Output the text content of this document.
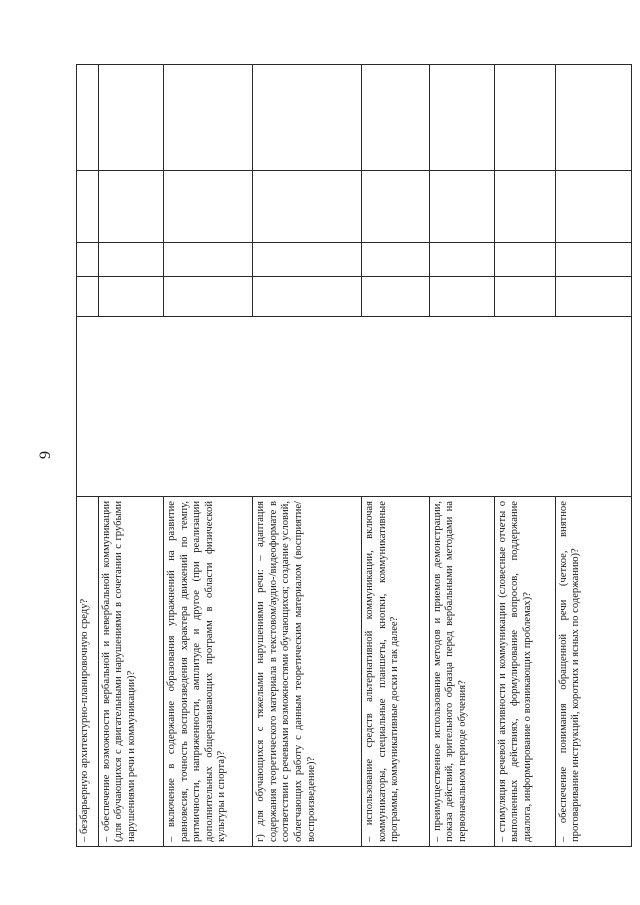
9
– безбарьерную архитектурно-планировочную среду?					
– обеспечение возможности вербальной и невербальной коммуникации (для обучающихся с двигательными нарушениями в сочетании с грубыми нарушениями речи и коммуникации)?					
– включение в содержание образования упражнений на развитие равновесия, точность воспроизведения характера движений по темпу, ритмичности, напряженности, амплитуде и другое (при реализации дополнительных общеразвивающих программ в области физической культуры и спорта)?					
г) для обучающихся с тяжелыми нарушениями речи: – адаптация содержания теоретического материала в текстовом/аудио-/видеоформате в соответствии с речевыми возможностями обучающихся; создание условий, облегчающих работу с данным теоретическим материалом (восприятие/воспроизведение)?					
– использование средств альтернативной коммуникации, включая коммуникаторы, специальные планшеты, кнопки, коммуникативные программы, коммуникативные доски и так далее?					
– преимущественное использование методов и приемов демонстрации, показа действий, зрительного образца перед вербальными методами на первоначальном периоде обучения?					
– стимуляция речевой активности и коммуникации (словесные отчеты о выполненных действиях, формулирование вопросов, поддержание диалога, информирование о возникающих проблемах)?					
– обеспечение понимания обращенной речи (четкое, внятное проговаривание инструкций, коротких и ясных по содержанию)?					
